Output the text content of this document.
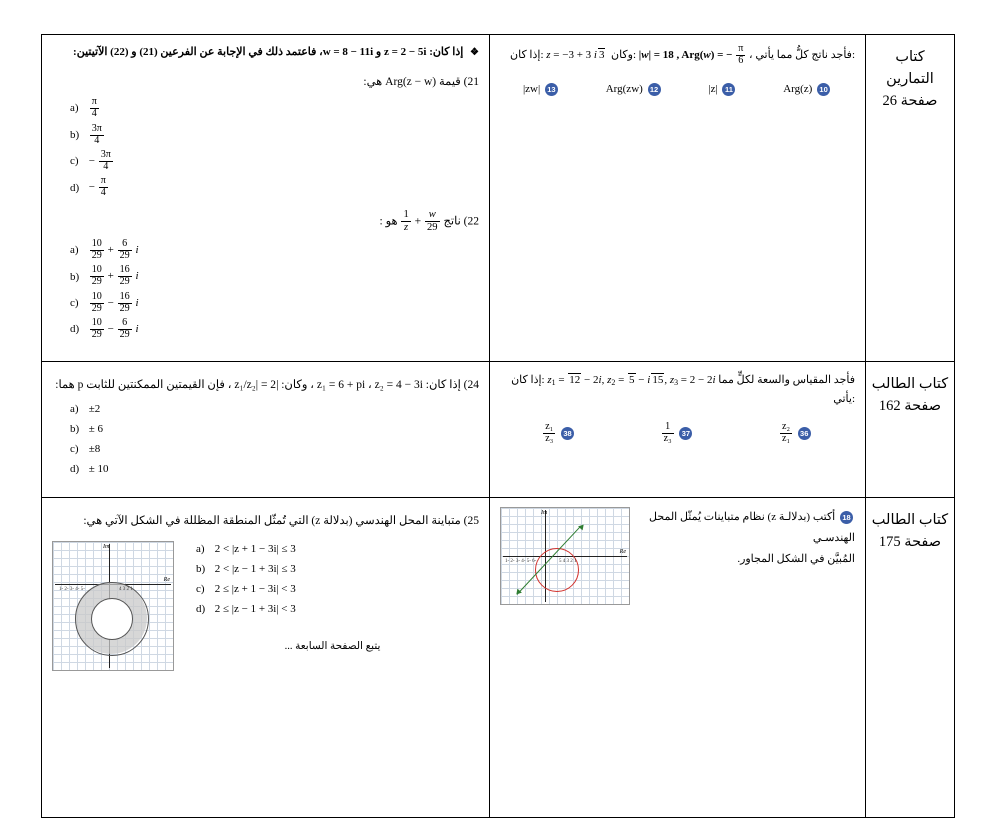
كتاب
التمارين
صفحة 26

إذا كان: z = −3 + 3 i 3  وكان: |w| = 18 , Arg(w) = − $\frac{\pi}{6}$ ، فأجد ناتج كلُّ مما يأتي:
10 Arg(z)
11 |z|
12 Arg(zw)
13 |zw|

❖ إذا كان: z = 2 − 5i و w = 8 − 11i، فاعتمد ذلك في الإجابة عن الفرعين (21) و (22) الآتيتين:
21) قيمة Arg(z − w) هي:
$a) \frac{\pi}{4}$
$b) \frac{3\pi}{4}$
$c) - \frac{3\pi}{4}$
$d) - \frac{\pi}{4}$
22) ناتج
$\frac{1}{z} + \frac{w}{29}$
هو :
$a) \frac{10}{29} + \frac{6}{29}$ i
$b) \frac{10}{29} + \frac{16}{29}$ i
$c) \frac{10}{29} - \frac{16}{29}$ i
$d) \frac{10}{29} - \frac{6}{29}$ i

كتاب الطالب
صفحة 162

إذا كان: $z_1 = 12 - 2i$, $z_2 = 5 - i$ 15, $z_3 = 2 - 2i$ فأجد المقياس والسعة لكلٍّ مما يأتي:
36
$\frac{\text{z₂}}{\text{z₁}}$
37
$\frac{1}{\text{z₃}}$
38
$\frac{\text{z₁}}{\text{z₃}}$

24) إذا كان: z₁ = 6 + pi ، z₂ = 4 − 3i ، وكان: |z₁/z₂| = 2 ، فإن القيمتين الممكنتين للثابت p هما:
a) ±2
b) ± 6
c) ±8
d) ± 10

كتاب الطالب
صفحة 175

18 أكتب (بدلالـة z) نظام متباينات يُمثّل المحل الهندسـي
المُبيَّن في الشكل المجاور.
Im
Re
-6 -5 -4 -3 -2 -1	1 2 3 4 5

25) متباينة المحل الهندسي (بدلالة z) التي تُمثّل المنطقة المظللة في الشكل الآتي هي:
a) 2 < |z + 1 − 3i| ≤ 3
b) 2 < |z − 1 + 3i| ≤ 3
c) 2 ≤ |z + 1 − 3i| < 3
d) 2 ≤ |z − 1 + 3i| < 3
يتبع الصفحة السابعة ...
Im
Re
-5 -4 -3 -2 -1	1 2 3 4
